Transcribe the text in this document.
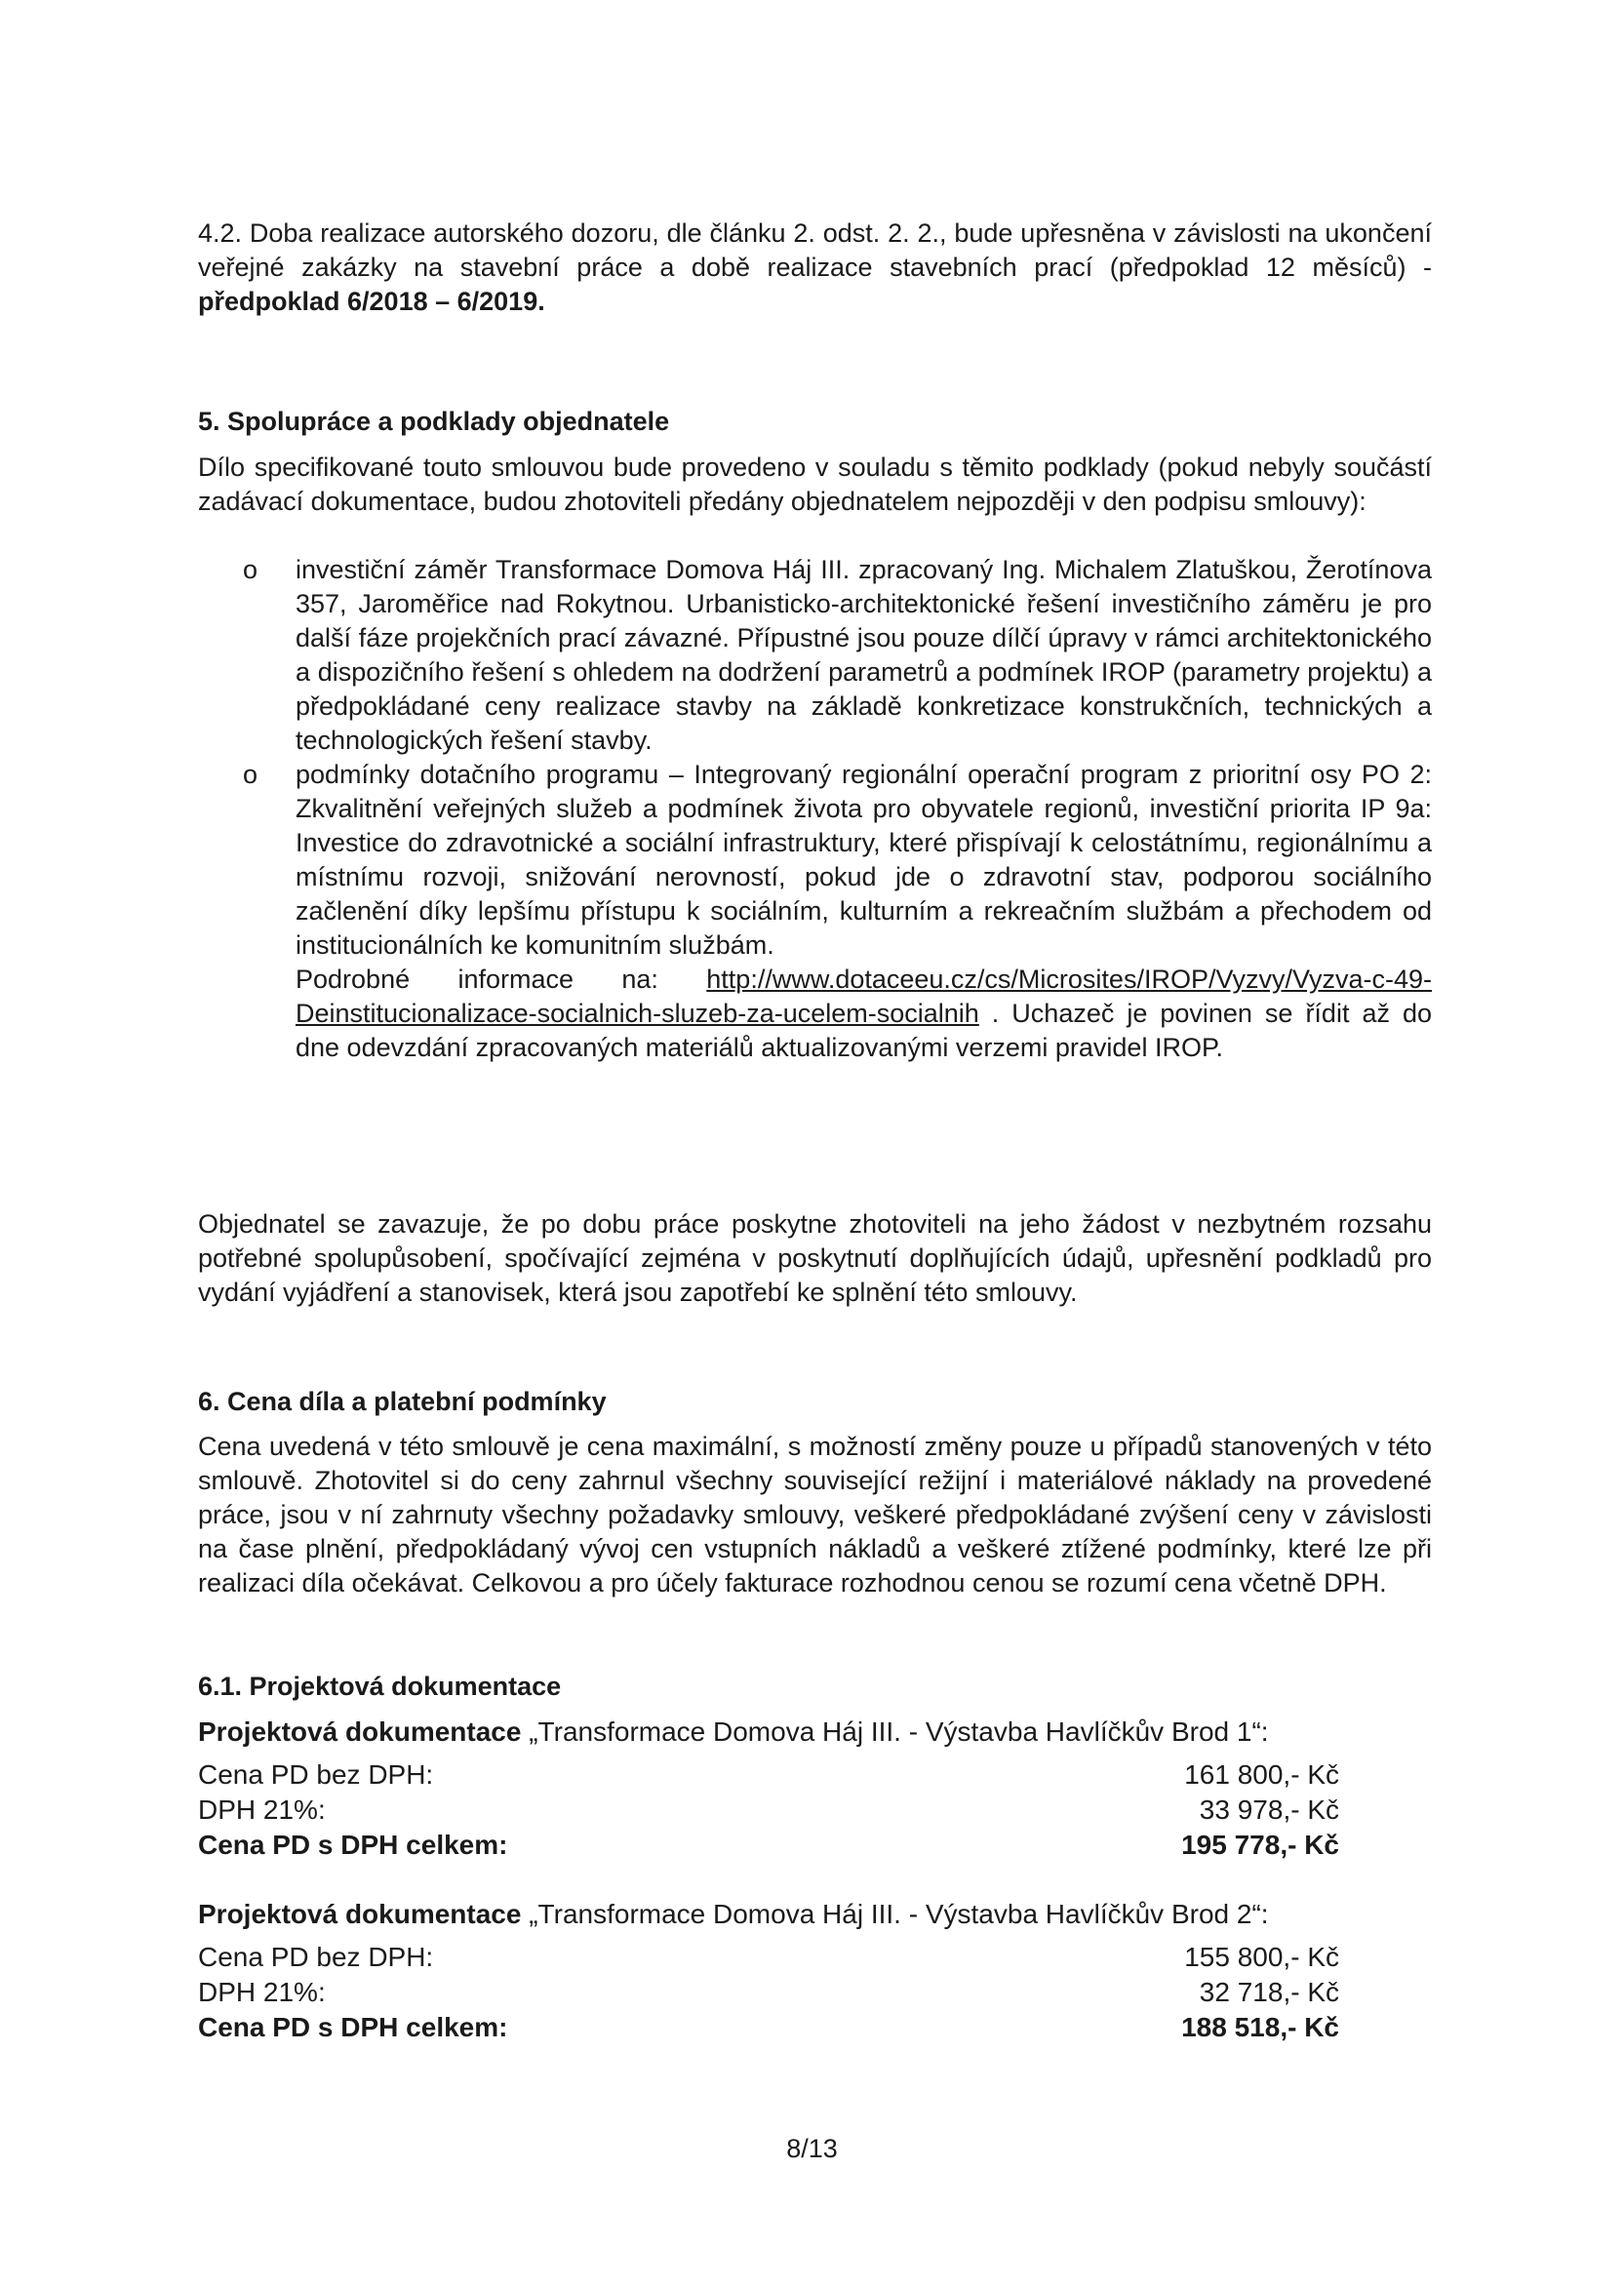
4.2. Doba realizace autorského dozoru, dle článku 2. odst. 2. 2., bude upřesněna v závislosti na ukončení veřejné zakázky na stavební práce a době realizace stavebních prací (předpoklad 12 měsíců) - předpoklad 6/2018 – 6/2019.
5. Spolupráce a podklady objednatele
Dílo specifikované touto smlouvou bude provedeno v souladu s těmito podklady (pokud nebyly součástí zadávací dokumentace, budou zhotoviteli předány objednatelem nejpozději v den podpisu smlouvy):
o investiční záměr Transformace Domova Háj III. zpracovaný Ing. Michalem Zlatuškou, Žerotínova 357, Jaroměřice nad Rokytnou. Urbanisticko-architektonické řešení investičního záměru je pro další fáze projekčních prací závazné. Přípustné jsou pouze dílčí úpravy v rámci architektonického a dispozičního řešení s ohledem na dodržení parametrů a podmínek IROP (parametry projektu) a předpokládané ceny realizace stavby na základě konkretizace konstrukčních, technických a technologických řešení stavby.
o podmínky dotačního programu – Integrovaný regionální operační program z prioritní osy PO 2: Zkvalitnění veřejných služeb a podmínek života pro obyvatele regionů, investiční priorita IP 9a: Investice do zdravotnické a sociální infrastruktury, které přispívají k celostátnímu, regionálnímu a místnímu rozvoji, snižování nerovností, pokud jde o zdravotní stav, podporou sociálního začlenění díky lepšímu přístupu k sociálním, kulturním a rekreačním službám a přechodem od institucionálních ke komunitním službám.
Podrobné informace na: http://www.dotaceeu.cz/cs/Microsites/IROP/Vyzvy/Vyzva-c-49-Deinstitucionalizace-socialnich-sluzeb-za-ucelem-socialnih . Uchazeč je povinen se řídit až do dne odevzdání zpracovaných materiálů aktualizovanými verzemi pravidel IROP.
Objednatel se zavazuje, že po dobu práce poskytne zhotoviteli na jeho žádost v nezbytném rozsahu potřebné spolupůsobení, spočívající zejména v poskytnutí doplňujících údajů, upřesnění podkladů pro vydání vyjádření a stanovisek, která jsou zapotřebí ke splnění této smlouvy.
6. Cena díla a platební podmínky
Cena uvedená v této smlouvě je cena maximální, s možností změny pouze u případů stanovených v této smlouvě. Zhotovitel si do ceny zahrnul všechny související režijní i materiálové náklady na provedené práce, jsou v ní zahrnuty všechny požadavky smlouvy, veškeré předpokládané zvýšení ceny v závislosti na čase plnění, předpokládaný vývoj cen vstupních nákladů a veškeré ztížené podmínky, které lze při realizaci díla očekávat. Celkovou a pro účely fakturace rozhodnou cenou se rozumí cena včetně DPH.
6.1. Projektová dokumentace
Projektová dokumentace „Transformace Domova Háj III. - Výstavba Havlíčkův Brod 1“:
Cena PD bez DPH:	161 800,- Kč
DPH 21%:	33 978,- Kč
Cena PD s DPH celkem:	195 778,- Kč
Projektová dokumentace „Transformace Domova Háj III. - Výstavba Havlíčkův Brod 2“:
Cena PD bez DPH:	155 800,- Kč
DPH 21%:	32 718,- Kč
Cena PD s DPH celkem:	188 518,- Kč
8/13
